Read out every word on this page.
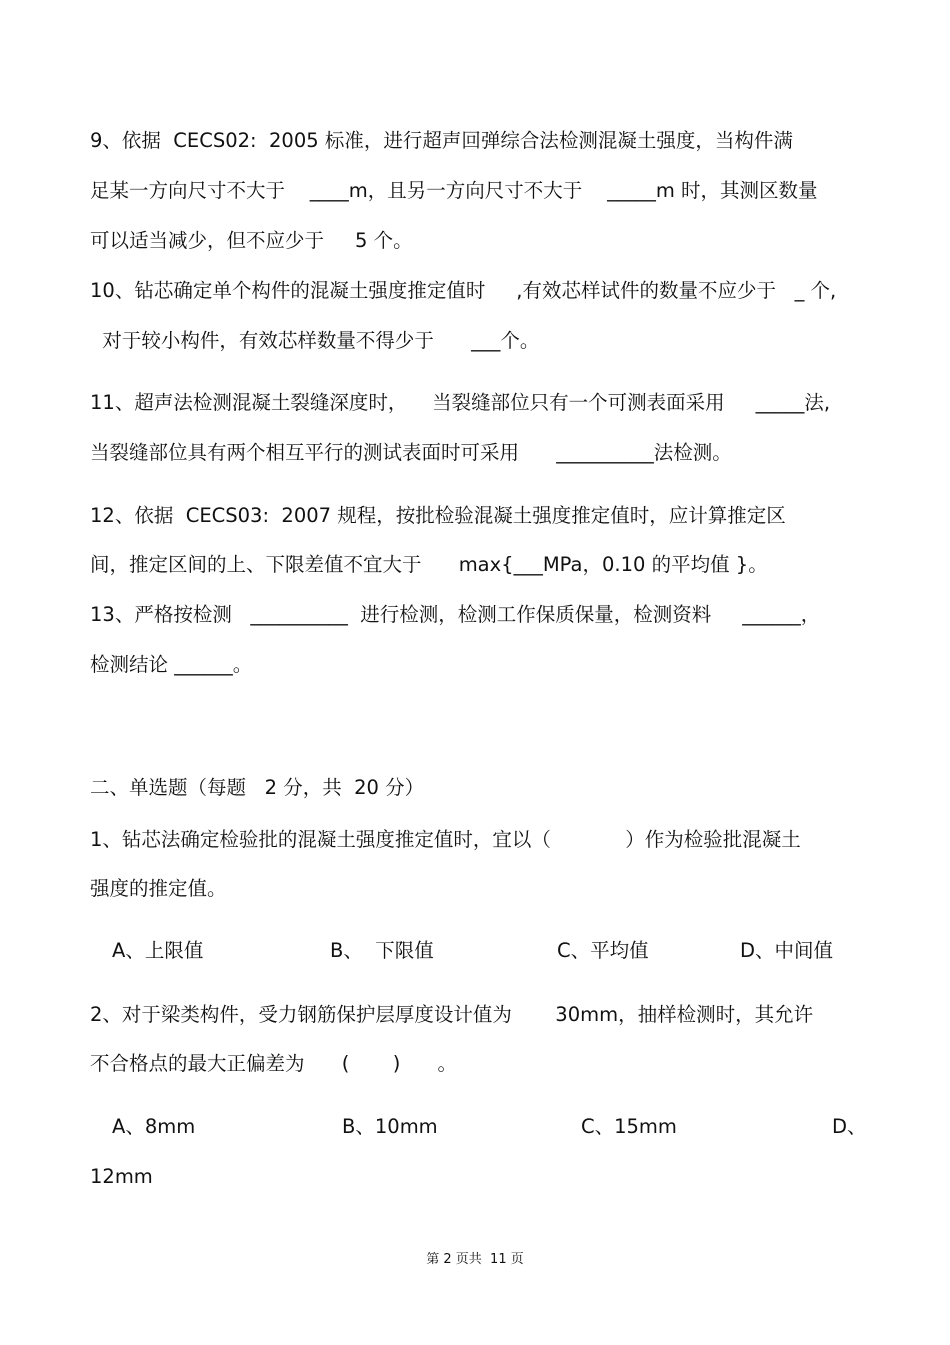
9、依据  CECS02:  2005 标准，进行超声回弹综合法检测混凝土强度，当构件满
足某一方向尺寸不大于    ____m，且另一方向尺寸不大于    _____m 时，其测区数量
可以适当减少，但不应少于     5 个。
10、钻芯确定单个构件的混凝土强度推定值时     ,有效芯样试件的数量不应少于   _ 个,
对于较小构件，有效芯样数量不得少于      ___个。
11、超声法检测混凝土裂缝深度时，    当裂缝部位只有一个可测表面采用     _____法,
当裂缝部位具有两个相互平行的测试表面时可采用      __________法检测。
12、依据  CECS03:  2007 规程，按批检验混凝土强度推定值时，应计算推定区
间，推定区间的上、下限差值不宜大于      max{___MPa，0.10 的平均值 }。
13、严格按检测   __________  进行检测，检测工作保质保量，检测资料     ______，
检测结论 ______。
二、单选题（每题   2 分，共  20 分）
1、钻芯法确定检验批的混凝土强度推定值时，宜以（            ）作为检验批混凝土
强度的推定值。
A、上限值	B、  下限值	C、平均值	D、中间值
2、对于梁类构件，受力钢筋保护层厚度设计值为       30mm，抽样检测时，其允许
不合格点的最大正偏差为      (       )      。
A、8mm	B、10mm	C、15mm	D、
12mm
第 2 页共  11 页
